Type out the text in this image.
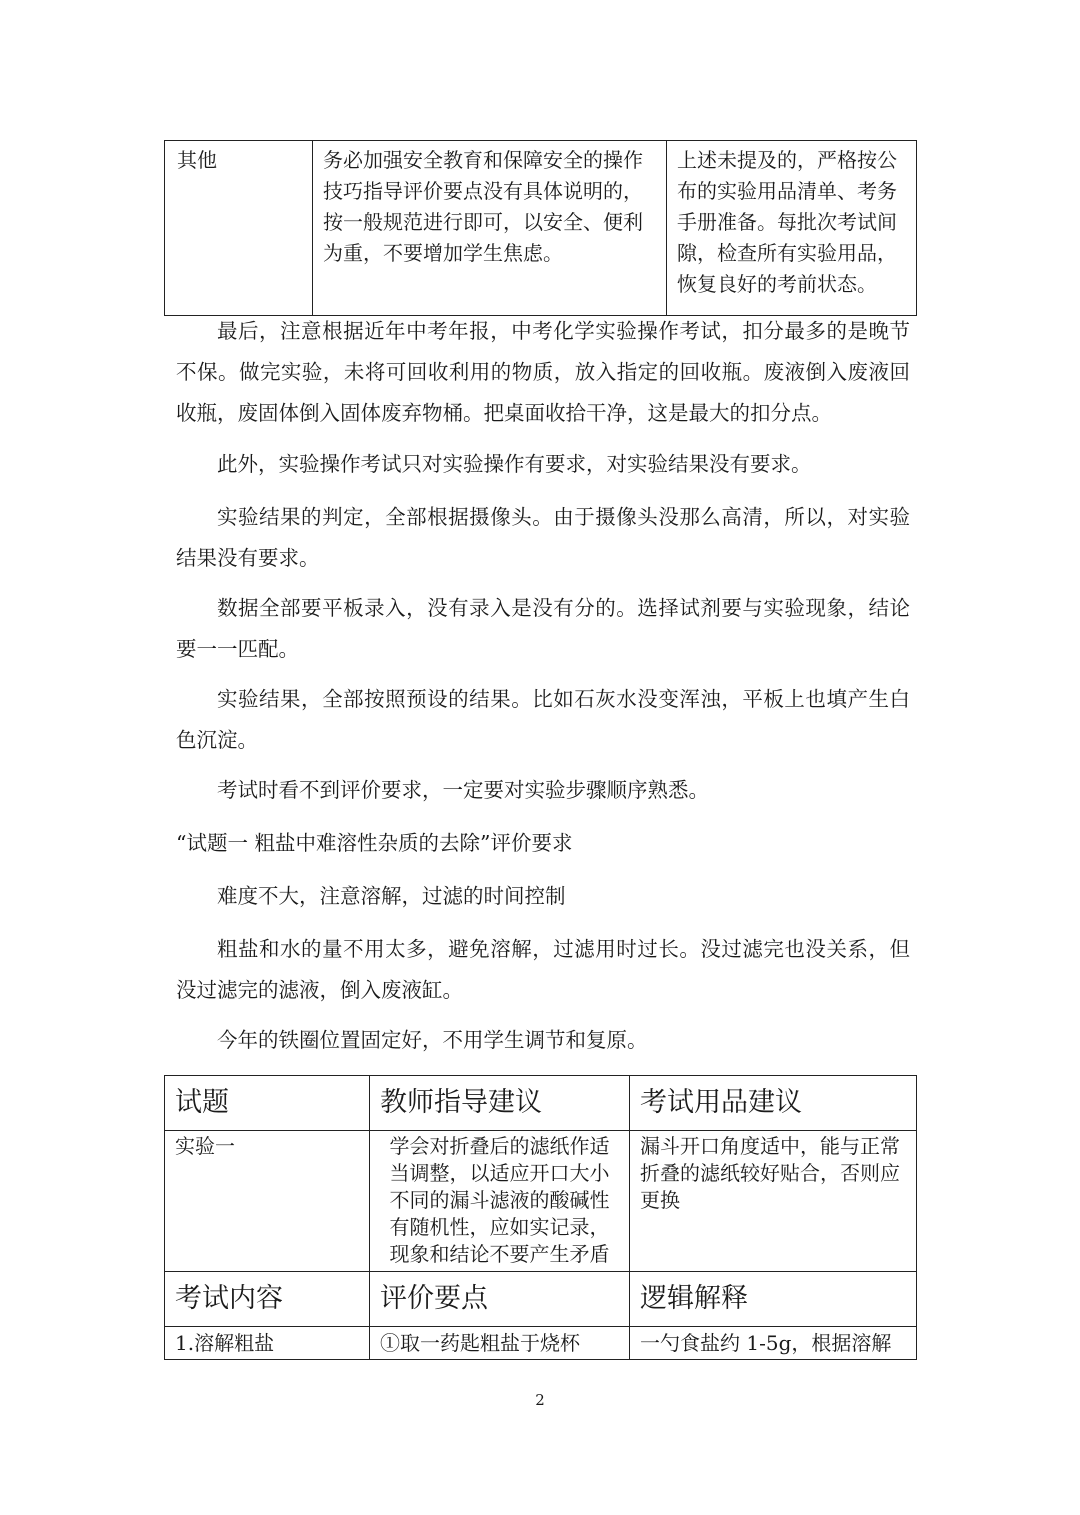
其他	务必加强安全教育和保障安全的操作技巧指导评价要点没有具体说明的，按一般规范进行即可，以安全、便利为重，不要增加学生焦虑。	上述未提及的，严格按公布的实验用品清单、考务手册准备。每批次考试间隙，检查所有实验用品，恢复良好的考前状态。

最后，注意根据近年中考年报，中考化学实验操作考试，扣分最多的是晚节不保。做完实验，未将可回收利用的物质，放入指定的回收瓶。废液倒入废液回收瓶，废固体倒入固体废弃物桶。把桌面收拾干净，这是最大的扣分点。

此外，实验操作考试只对实验操作有要求，对实验结果没有要求。

实验结果的判定，全部根据摄像头。由于摄像头没那么高清，所以，对实验结果没有要求。

数据全部要平板录入，没有录入是没有分的。选择试剂要与实验现象，结论要一一匹配。

实验结果，全部按照预设的结果。比如石灰水没变浑浊，平板上也填产生白色沉淀。

考试时看不到评价要求，一定要对实验步骤顺序熟悉。

“试题一 粗盐中难溶性杂质的去除”评价要求

难度不大，注意溶解，过滤的时间控制

粗盐和水的量不用太多，避免溶解，过滤用时过长。没过滤完也没关系，但没过滤完的滤液，倒入废液缸。

今年的铁圈位置固定好，不用学生调节和复原。

试题	教师指导建议	考试用品建议
实验一	学会对折叠后的滤纸作适当调整，以适应开口大小不同的漏斗滤液的酸碱性有随机性，应如实记录，现象和结论不要产生矛盾	漏斗开口角度适中，能与正常折叠的滤纸较好贴合，否则应更换
考试内容	评价要点	逻辑解释
1.溶解粗盐	①取一药匙粗盐于烧杯	一勺食盐约 1-5g，根据溶解
2
